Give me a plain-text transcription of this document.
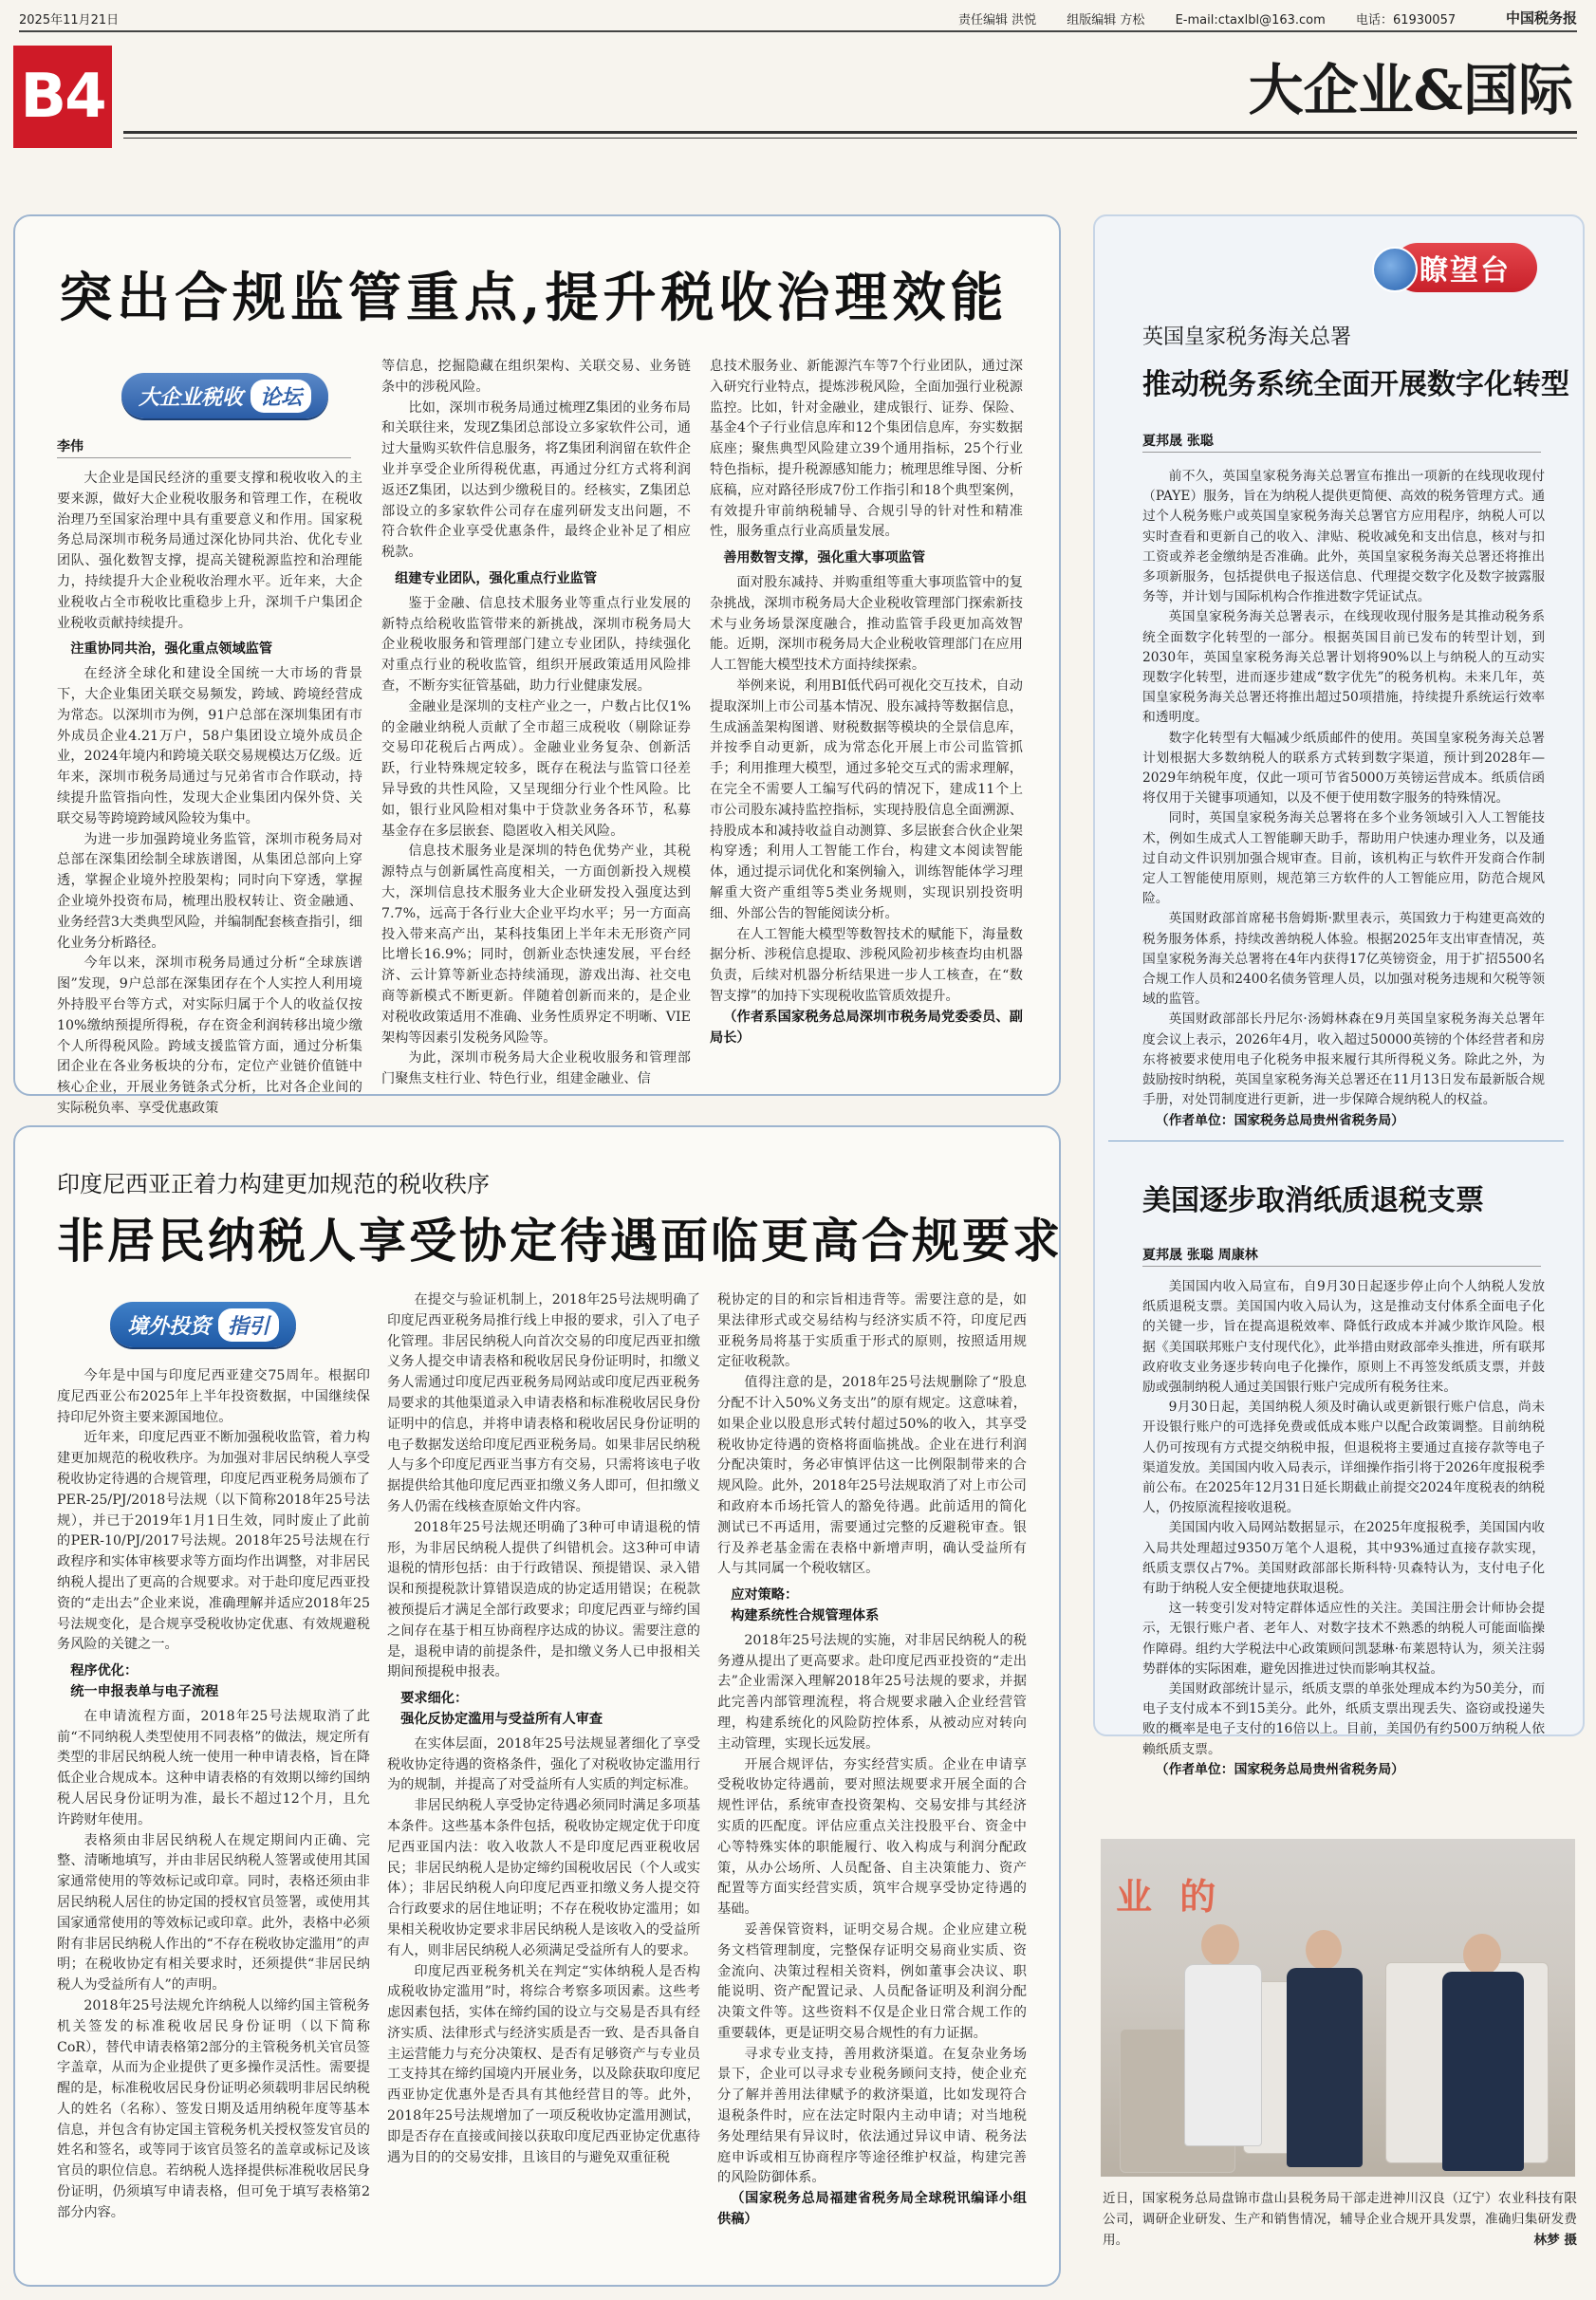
2025年11月21日	责任编辑 洪悦 组版编辑 方松 E-mail:ctaxlbl@163.com 电话：61930057	中国税务报
B4	大企业&国际
突出合规监管重点,提升税收治理效能
大企业税收 论坛
李伟

大企业是国民经济的重要支撑和税收收入的主要来源，做好大企业税收服务和管理工作，在税收治理乃至国家治理中具有重要意义和作用。国家税务总局深圳市税务局通过深化协同共治、优化专业团队、强化数智支撑，提高关键税源监控和治理能力，持续提升大企业税收治理水平。近年来，大企业税收占全市税收比重稳步上升，深圳千户集团企业税收贡献持续提升。

注重协同共治，强化重点领域监管

在经济全球化和建设全国统一大市场的背景下，大企业集团关联交易频发，跨域、跨境经营成为常态。以深圳市为例，91户总部在深圳集团有市外成员企业4.21万户，58户集团设立境外成员企业，2024年境内和跨境关联交易规模达万亿级。近年来，深圳市税务局通过与兄弟省市合作联动，持续提升监管指向性，发现大企业集团内保外贷、关联交易等跨境跨域风险较为集中。

为进一步加强跨境业务监管，深圳市税务局对总部在深集团绘制全球族谱图，从集团总部向上穿透，掌握企业境外控股架构；同时向下穿透，掌握企业境外投资布局，梳理出股权转让、资金融通、业务经营3大类典型风险，并编制配套核查指引，细化业务分析路径。

今年以来，深圳市税务局通过分析“全球族谱图”发现，9户总部在深集团存在个人实控人利用境外持股平台等方式，对实际归属于个人的收益仅按10%缴纳预提所得税，存在资金利润转移出境少缴个人所得税风险。跨域支援监管方面，通过分析集团企业在各业务板块的分布，定位产业链价值链中核心企业，开展业务链条式分析，比对各企业间的实际税负率、享受优惠政策

等信息，挖掘隐藏在组织架构、关联交易、业务链条中的涉税风险。

比如，深圳市税务局通过梳理Z集团的业务布局和关联往来，发现Z集团总部设立多家软件公司，通过大量购买软件信息服务，将Z集团利润留在软件企业并享受企业所得税优惠，再通过分红方式将利润返还Z集团，以达到少缴税目的。经核实，Z集团总部设立的多家软件公司存在虚列研发支出问题，不符合软件企业享受优惠条件，最终企业补足了相应税款。

组建专业团队，强化重点行业监管

鉴于金融、信息技术服务业等重点行业发展的新特点给税收监管带来的新挑战，深圳市税务局大企业税收服务和管理部门建立专业团队，持续强化对重点行业的税收监管，组织开展政策适用风险排查，不断夯实征管基础，助力行业健康发展。

金融业是深圳的支柱产业之一，户数占比仅1%的金融业纳税人贡献了全市超三成税收（剔除证券交易印花税后占两成）。金融业业务复杂、创新活跃，行业特殊规定较多，既存在税法与监管口径差异导致的共性风险，又呈现细分行业个性风险。比如，银行业风险相对集中于贷款业务各环节，私募基金存在多层嵌套、隐匿收入相关风险。

信息技术服务业是深圳的特色优势产业，其税源特点与创新属性高度相关，一方面创新投入规模大，深圳信息技术服务业大企业研发投入强度达到7.7%，远高于各行业大企业平均水平；另一方面高投入带来高产出，某科技集团上半年未无形资产同比增长16.9%；同时，创新业态快速发展，平台经济、云计算等新业态持续涌现，游戏出海、社交电商等新模式不断更新。伴随着创新而来的，是企业对税收政策适用不准确、业务性质界定不明晰、VIE架构等因素引发税务风险等。

为此，深圳市税务局大企业税收服务和管理部门聚焦支柱行业、特色行业，组建金融业、信

息技术服务业、新能源汽车等7个行业团队，通过深入研究行业特点，提炼涉税风险，全面加强行业税源监控。比如，针对金融业，建成银行、证券、保险、基金4个子行业信息库和12个集团信息库，夯实数据底座；聚焦典型风险建立39个通用指标，25个行业特色指标，提升税源感知能力；梳理思维导图、分析底稿，应对路径形成7份工作指引和18个典型案例，有效提升审前纳税辅导、合规引导的针对性和精准性，服务重点行业高质量发展。

善用数智支撑，强化重大事项监管

面对股东减持、并购重组等重大事项监管中的复杂挑战，深圳市税务局大企业税收管理部门探索新技术与业务场景深度融合，推动监管手段更加高效智能。近期，深圳市税务局大企业税收管理部门在应用人工智能大模型技术方面持续探索。

举例来说，利用BI低代码可视化交互技术，自动提取深圳上市公司基本情况、股东减持等数据信息，生成涵盖架构图谱、财税数据等模块的全景信息库，并按季自动更新，成为常态化开展上市公司监管抓手；利用推理大模型，通过多轮交互式的需求理解，在完全不需要人工编写代码的情况下，建成11个上市公司股东减持监控指标，实现持股信息全面溯源、持股成本和减持收益自动测算、多层嵌套合伙企业架构穿透；利用人工智能工作台，构建文本阅读智能体，通过提示词优化和案例输入，训练智能体学习理解重大资产重组等5类业务规则，实现识别投资明细、外部公告的智能阅读分析。

在人工智能大模型等数智技术的赋能下，海量数据分析、涉税信息提取、涉税风险初步核查均由机器负责，后续对机器分析结果进一步人工核查，在“数智支撑”的加持下实现税收监管质效提升。

（作者系国家税务总局深圳市税务局党委委员、副局长）

印度尼西亚正着力构建更加规范的税收秩序
非居民纳税人享受协定待遇面临更高合规要求
境外投资 指引

今年是中国与印度尼西亚建交75周年。根据印度尼西亚公布2025年上半年投资数据，中国继续保持印尼外资主要来源国地位。

近年来，印度尼西亚不断加强税收监管，着力构建更加规范的税收秩序。为加强对非居民纳税人享受税收协定待遇的合规管理，印度尼西亚税务局颁布了PER-25/PJ/2018号法规（以下简称2018年25号法规），并已于2019年1月1日生效，同时废止了此前的PER-10/PJ/2017号法规。2018年25号法规在行政程序和实体审核要求等方面均作出调整，对非居民纳税人提出了更高的合规要求。对于赴印度尼西亚投资的“走出去”企业来说，准确理解并适应2018年25号法规变化，是合规享受税收协定优惠、有效规避税务风险的关键之一。

程序优化：
统一申报表单与电子流程

在申请流程方面，2018年25号法规取消了此前“不同纳税人类型使用不同表格”的做法，规定所有类型的非居民纳税人统一使用一种申请表格，旨在降低企业合规成本。这种申请表格的有效期以缔约国纳税人居民身份证明为准，最长不超过12个月，且允许跨财年使用。

表格须由非居民纳税人在规定期间内正确、完整、清晰地填写，并由非居民纳税人签署或使用其国家通常使用的等效标记或印章。同时，表格还须由非居民纳税人居住的协定国的授权官员签署，或使用其国家通常使用的等效标记或印章。此外，表格中必须附有非居民纳税人作出的“不存在税收协定滥用”的声明；在税收协定有相关要求时，还须提供“非居民纳税人为受益所有人”的声明。

2018年25号法规允许纳税人以缔约国主管税务机关签发的标准税收居民身份证明（以下简称CoR），替代申请表格第2部分的主管税务机关官员签字盖章，从而为企业提供了更多操作灵活性。需要提醒的是，标准税收居民身份证明必须载明非居民纳税人的姓名（名称）、签发日期及适用纳税年度等基本信息，并包含有协定国主管税务机关授权签发官员的姓名和签名，或等同于该官员签名的盖章或标记及该官员的职位信息。若纳税人选择提供标准税收居民身份证明，仍须填写申请表格，但可免于填写表格第2部分内容。

在提交与验证机制上，2018年25号法规明确了印度尼西亚税务局推行线上申报的要求，引入了电子化管理。非居民纳税人向首次交易的印度尼西亚扣缴义务人提交申请表格和税收居民身份证明时，扣缴义务人需通过印度尼西亚税务局网站或印度尼西亚税务局要求的其他渠道录入申请表格和标准税收居民身份证明中的信息，并将申请表格和税收居民身份证明的电子数据发送给印度尼西亚税务局。如果非居民纳税人与多个印度尼西亚当事方有交易，只需将该电子收据提供给其他印度尼西亚扣缴义务人即可，但扣缴义务人仍需在线核查原始文件内容。

2018年25号法规还明确了3种可申请退税的情形，为非居民纳税人提供了纠错机会。这3种可申请退税的情形包括：由于行政错误、预提错误、录入错误和预提税款计算错误造成的协定适用错误；在税款被预提后才满足全部行政要求；印度尼西亚与缔约国之间存在基于相互协商程序达成的协议。需要注意的是，退税申请的前提条件，是扣缴义务人已申报相关期间预提税申报表。

要求细化：
强化反协定滥用与受益所有人审查

在实体层面，2018年25号法规显著细化了享受税收协定待遇的资格条件，强化了对税收协定滥用行为的规制，并提高了对受益所有人实质的判定标准。

非居民纳税人享受协定待遇必须同时满足多项基本条件。这些基本条件包括，税收协定规定优于印度尼西亚国内法：收入收款人不是印度尼西亚税收居民；非居民纳税人是协定缔约国税收居民（个人或实体）；非居民纳税人向印度尼西亚扣缴义务人提交符合行政要求的居住地证明；不存在税收协定滥用；如果相关税收协定要求非居民纳税人是该收入的受益所有人，则非居民纳税人必须满足受益所有人的要求。

印度尼西亚税务机关在判定“实体纳税人是否构成税收协定滥用”时，将综合考察多项因素。这些考虑因素包括，实体在缔约国的设立与交易是否具有经济实质、法律形式与经济实质是否一致、是否具备自主运营能力与充分决策权、是否有足够资产与专业员工支持其在缔约国境内开展业务，以及除获取印度尼西亚协定优惠外是否具有其他经营目的等。此外，2018年25号法规增加了一项反税收协定滥用测试，即是否存在直接或间接以获取印度尼西亚协定优惠待遇为目的的交易安排，且该目的与避免双重征税

税协定的目的和宗旨相违背等。需要注意的是，如果法律形式或交易结构与经济实质不符，印度尼西亚税务局将基于实质重于形式的原则，按照适用规定征收税款。

值得注意的是，2018年25号法规删除了“股息分配不计入50%义务支出”的原有规定。这意味着，如果企业以股息形式转付超过50%的收入，其享受税收协定待遇的资格将面临挑战。企业在进行利润分配决策时，务必审慎评估这一比例限制带来的合规风险。此外，2018年25号法规取消了对上市公司和政府本币场托管人的豁免待遇。此前适用的简化测试已不再适用，需要通过完整的反避税审查。银行及养老基金需在表格中新增声明，确认受益所有人与其同属一个税收辖区。

应对策略：
构建系统性合规管理体系

2018年25号法规的实施，对非居民纳税人的税务遵从提出了更高要求。赴印度尼西亚投资的“走出去”企业需深入理解2018年25号法规的要求，并据此完善内部管理流程，将合规要求融入企业经营管理，构建系统化的风险防控体系，从被动应对转向主动管理，实现长远发展。

开展合规评估，夯实经营实质。企业在申请享受税收协定待遇前，要对照法规要求开展全面的合规性评估，系统审查投资架构、交易安排与其经济实质的匹配度。评估应重点关注投股平台、资金中心等特殊实体的职能履行、收入构成与利润分配政策，从办公场所、人员配备、自主决策能力、资产配置等方面实经营实质，筑牢合规享受协定待遇的基础。

妥善保管资料，证明交易合规。企业应建立税务文档管理制度，完整保存证明交易商业实质、资金流向、决策过程相关资料，例如董事会决议、职能说明、资产配置记录、人员配备证明及利润分配决策文件等。这些资料不仅是企业日常合规工作的重要载体，更是证明交易合规性的有力证据。

寻求专业支持，善用救济渠道。在复杂业务场景下，企业可以寻求专业税务顾问支持，使企业充分了解并善用法律赋予的救济渠道，比如发现符合退税条件时，应在法定时限内主动申请；对当地税务处理结果有异议时，依法通过异议申请、税务法庭申诉或相互协商程序等途径维护权益，构建完善的风险防御体系。

（国家税务总局福建省税务局全球税讯编译小组供稿）

瞭望台
英国皇家税务海关总署
推动税务系统全面开展数字化转型
夏邦晟 张聪

前不久，英国皇家税务海关总署宣布推出一项新的在线现收现付（PAYE）服务，旨在为纳税人提供更简便、高效的税务管理方式。通过个人税务账户或英国皇家税务海关总署官方应用程序，纳税人可以实时查看和更新自己的收入、津贴、税收减免和支出信息，核对与扣工资或养老金缴纳是否准确。此外，英国皇家税务海关总署还将推出多项新服务，包括提供电子报送信息、代理提交数字化及数字披露服务等，并计划与国际机构合作推进数字凭证试点。

英国皇家税务海关总署表示，在线现收现付服务是其推动税务系统全面数字化转型的一部分。根据英国目前已发布的转型计划，到2030年，英国皇家税务海关总署计划将90%以上与纳税人的互动实现数字化转型，进而逐步建成“数字优先”的税务机构。未来几年，英国皇家税务海关总署还将推出超过50项措施，持续提升系统运行效率和透明度。

数字化转型有大幅减少纸质邮件的使用。英国皇家税务海关总署计划根据大多数纳税人的联系方式转到数字渠道，预计到2028年—2029年纳税年度，仅此一项可节省5000万英镑运营成本。纸质信函将仅用于关键事项通知，以及不便于使用数字服务的特殊情况。

同时，英国皇家税务海关总署将在多个业务领域引入人工智能技术，例如生成式人工智能聊天助手，帮助用户快速办理业务，以及通过自动文件识别加强合规审查。目前，该机构正与软件开发商合作制定人工智能使用原则，规范第三方软件的人工智能应用，防范合规风险。

英国财政部首席秘书詹姆斯·默里表示，英国致力于构建更高效的税务服务体系，持续改善纳税人体验。根据2025年支出审查情况，英国皇家税务海关总署将在4年内获得17亿英镑资金，用于扩招5500名合规工作人员和2400名债务管理人员，以加强对税务违规和欠税等领域的监管。

英国财政部部长丹尼尔·汤姆林森在9月英国皇家税务海关总署年度会议上表示，2026年4月，收入超过50000英镑的个体经营者和房东将被要求使用电子化税务申报来履行其所得税义务。除此之外，为鼓励按时纳税，英国皇家税务海关总署还在11月13日发布最新版合规手册，对处罚制度进行更新，进一步保障合规纳税人的权益。

（作者单位：国家税务总局贵州省税务局）

美国逐步取消纸质退税支票
夏邦晟 张聪 周康林

美国国内收入局宣布，自9月30日起逐步停止向个人纳税人发放纸质退税支票。美国国内收入局认为，这是推动支付体系全面电子化的关键一步，旨在提高退税效率、降低行政成本并减少欺诈风险。根据《美国联邦账户支付现代化》，此举措由财政部牵头推进，所有联邦政府收支业务逐步转向电子化操作，原则上不再签发纸质支票，并鼓励或强制纳税人通过美国银行账户完成所有税务往来。

9月30日起，美国纳税人须及时确认或更新银行账户信息，尚未开设银行账户的可选择免费或低成本账户以配合政策调整。目前纳税人仍可按现有方式提交纳税申报，但退税将主要通过直接存款等电子渠道发放。美国国内收入局表示，详细操作指引将于2026年度报税季前公布。在2025年12月31日延长期截止前提交2024年度税表的纳税人，仍按原流程接收退税。

美国国内收入局网站数据显示，在2025年度报税季，美国国内收入局共处理超过9350万笔个人退税，其中93%通过直接存款实现，纸质支票仅占7%。美国财政部部长斯科特·贝森特认为，支付电子化有助于纳税人安全便捷地获取退税。

这一转变引发对特定群体适应性的关注。美国注册会计师协会提示，无银行账户者、老年人、对数字技术不熟悉的纳税人可能面临操作障碍。组约大学税法中心政策顾问凯瑟琳·布莱恩特认为，须关注弱势群体的实际困难，避免因推进过快而影响其权益。

美国财政部统计显示，纸质支票的单张处理成本约为50美分，而电子支付成本不到15美分。此外，纸质支票出现丢失、盗窃或投递失败的概率是电子支付的16倍以上。目前，美国仍有约500万纳税人依赖纸质支票。

（作者单位：国家税务总局贵州省税务局）

业 的
近日，国家税务总局盘锦市盘山县税务局干部走进神川汉良（辽宁）农业科技有限公司，调研企业研发、生产和销售情况，辅导企业合规开具发票，准确归集研发费用。	林梦 摄
